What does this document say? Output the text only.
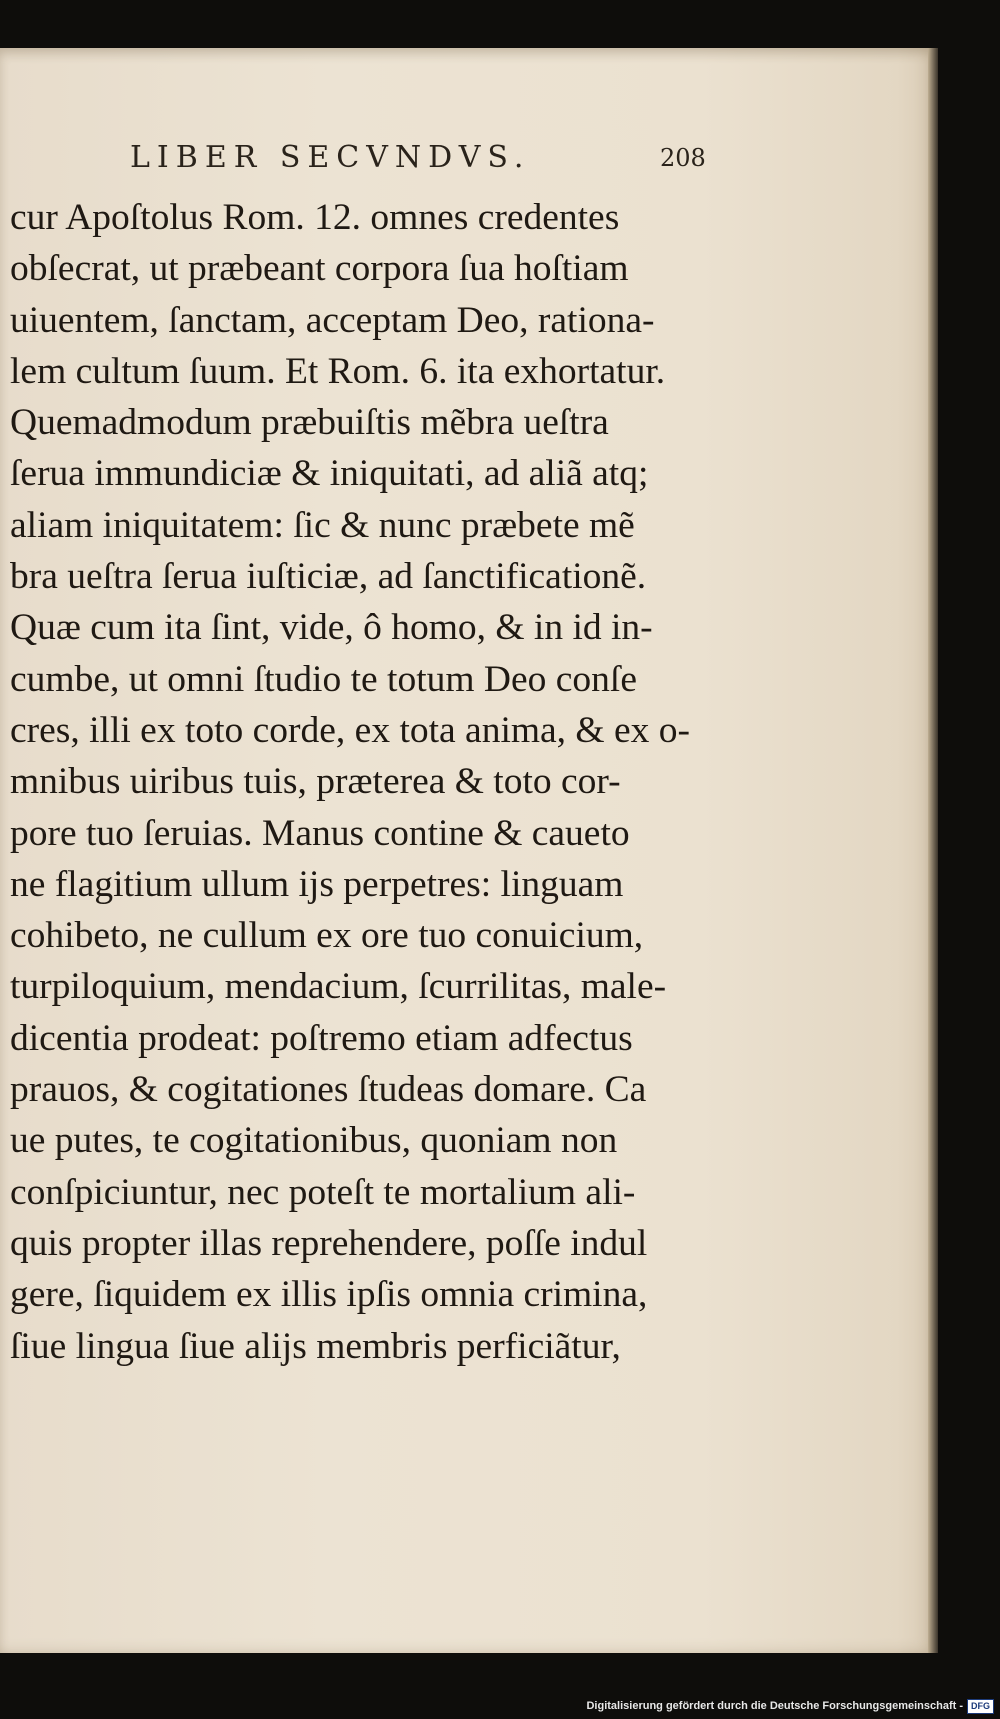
LIBER SECVNDVS.	208
cur Apoſtolus Rom. 12. omnes credentes
obſecrat, ut præbeant corpora ſua hoſtiam
uiuentem, ſanctam, acceptam Deo, rationa-
lem cultum ſuum. Et Rom. 6. ita exhortatur.
Quemadmodum præbuiſtis mẽbra ueſtra
ſerua immundiciæ & iniquitati, ad aliã atq;
aliam iniquitatem: ſic & nunc præbete mẽ
bra ueſtra ſerua iuſticiæ, ad ſanctificationẽ.
Quæ cum ita ſint, vide, ô homo, & in id in-
cumbe, ut omni ſtudio te totum Deo conſe
cres, illi ex toto corde, ex tota anima, & ex o-
mnibus uiribus tuis, præterea & toto cor-
pore tuo ſeruias. Manus contine & caueto
ne flagitium ullum ijs perpetres: linguam
cohibeto, ne cullum ex ore tuo conuicium,
turpiloquium, mendacium, ſcurrilitas, male-
dicentia prodeat: poſtremo etiam adfectus
prauos, & cogitationes ſtudeas domare. Ca
ue putes, te cogitationibus, quoniam non
conſpiciuntur, nec poteſt te mortalium ali-
quis propter illas reprehendere, poſſe indul
gere, ſiquidem ex illis ipſis omnia crimina,
ſiue lingua ſiue alijs membris perficiãtur,
Digitalisierung gefördert durch die Deutsche Forschungsgemeinschaft - DFG
